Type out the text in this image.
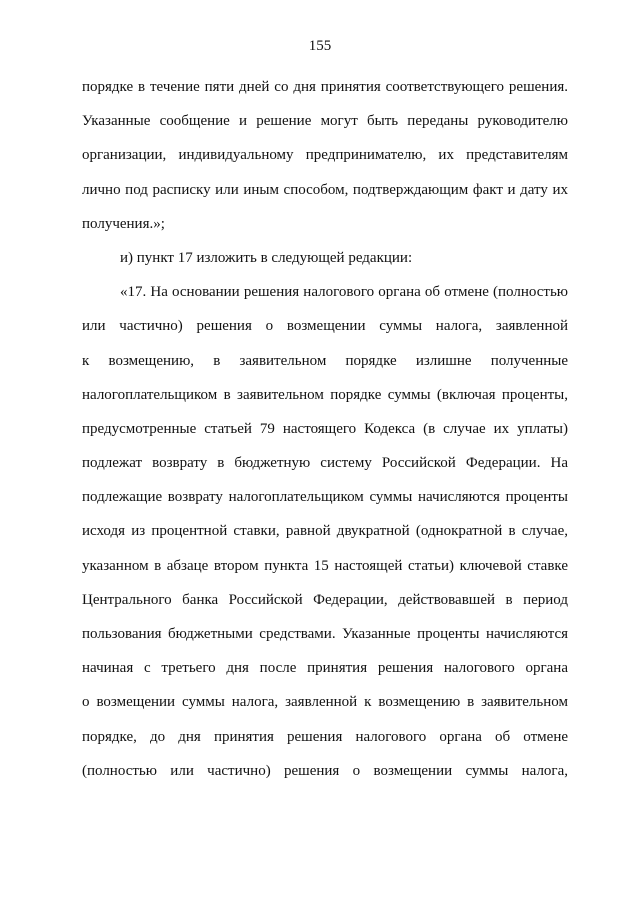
155
порядке в течение пяти дней со дня принятия соответствующего решения.
Указанные сообщение и решение могут быть переданы руководителю
организации, индивидуальному предпринимателю, их представителям
лично под расписку или иным способом, подтверждающим факт и дату их
получения.»;
и) пункт 17 изложить в следующей редакции:
«17. На основании решения налогового органа об отмене (полностью
или частично) решения о возмещении суммы налога, заявленной
к возмещению, в заявительном порядке излишне полученные
налогоплательщиком в заявительном порядке суммы (включая проценты,
предусмотренные статьей 79 настоящего Кодекса (в случае их уплаты)
подлежат возврату в бюджетную систему Российской Федерации. На
подлежащие возврату налогоплательщиком суммы начисляются проценты
исходя из процентной ставки, равной двукратной (однократной в случае,
указанном в абзаце втором пункта 15 настоящей статьи) ключевой ставке
Центрального банка Российской Федерации, действовавшей в период
пользования бюджетными средствами. Указанные проценты начисляются
начиная с третьего дня после принятия решения налогового органа
о возмещении суммы налога, заявленной к возмещению в заявительном
порядке, до дня принятия решения налогового органа об отмене
(полностью или частично) решения о возмещении суммы налога,
